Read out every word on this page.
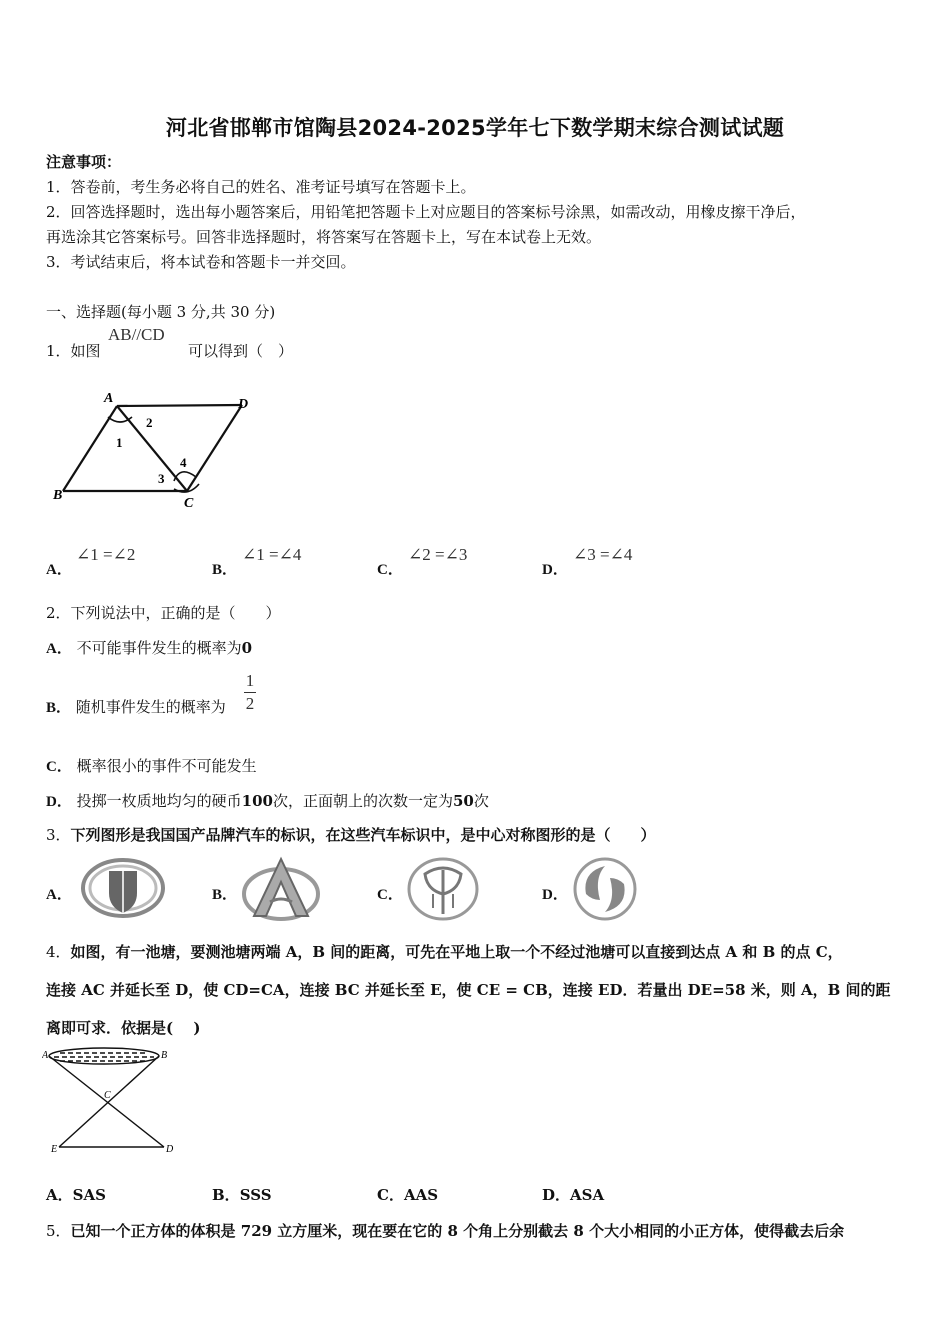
河北省邯郸市馆陶县2024-2025学年七下数学期末综合测试试题
注意事项：
1．答卷前，考生务必将自己的姓名、准考证号填写在答题卡上。
2．回答选择题时，选出每小题答案后，用铅笔把答题卡上对应题目的答案标号涂黑，如需改动，用橡皮擦干净后，
再选涂其它答案标号。回答非选择题时，将答案写在答题卡上，写在本试卷上无效。
3．考试结束后，将本试卷和答题卡一并交回。
一、选择题(每小题 3 分,共 30 分)
1．如图
AB//CD
可以得到（　）
A	D
B
C
1
2
3
4
A．
∠1 =∠2
B．
∠1 =∠4
C．
∠2 =∠3
D．
∠3 =∠4
2．下列说法中，正确的是（　　）
A． 不可能事件发生的概率为0
B． 随机事件发生的概率为
1
2
C． 概率很小的事件不可能发生
D． 投掷一枚质地均匀的硬币100次，正面朝上的次数一定为50次
3．下列图形是我国国产品牌汽车的标识，在这些汽车标识中，是中心对称图形的是（　　）
A．	B．	C．	D．
4．如图，有一池塘，要测池塘两端 A，B 间的距离，可先在平地上取一个不经过池塘可以直接到达点 A 和 B 的点 C，
连接 AC 并延长至 D，使 CD=CA，连接 BC 并延长至 E，使 CE = CB，连接 ED．若量出 DE=58 米，则 A，B 间的距
离即可求．依据是(　 )
A	B
C
D
E
A．SAS	B．SSS	C．AAS	D．ASA
5．已知一个正方体的体积是 729 立方厘米，现在要在它的 8 个角上分别截去 8 个大小相同的小正方体，使得截去后余
